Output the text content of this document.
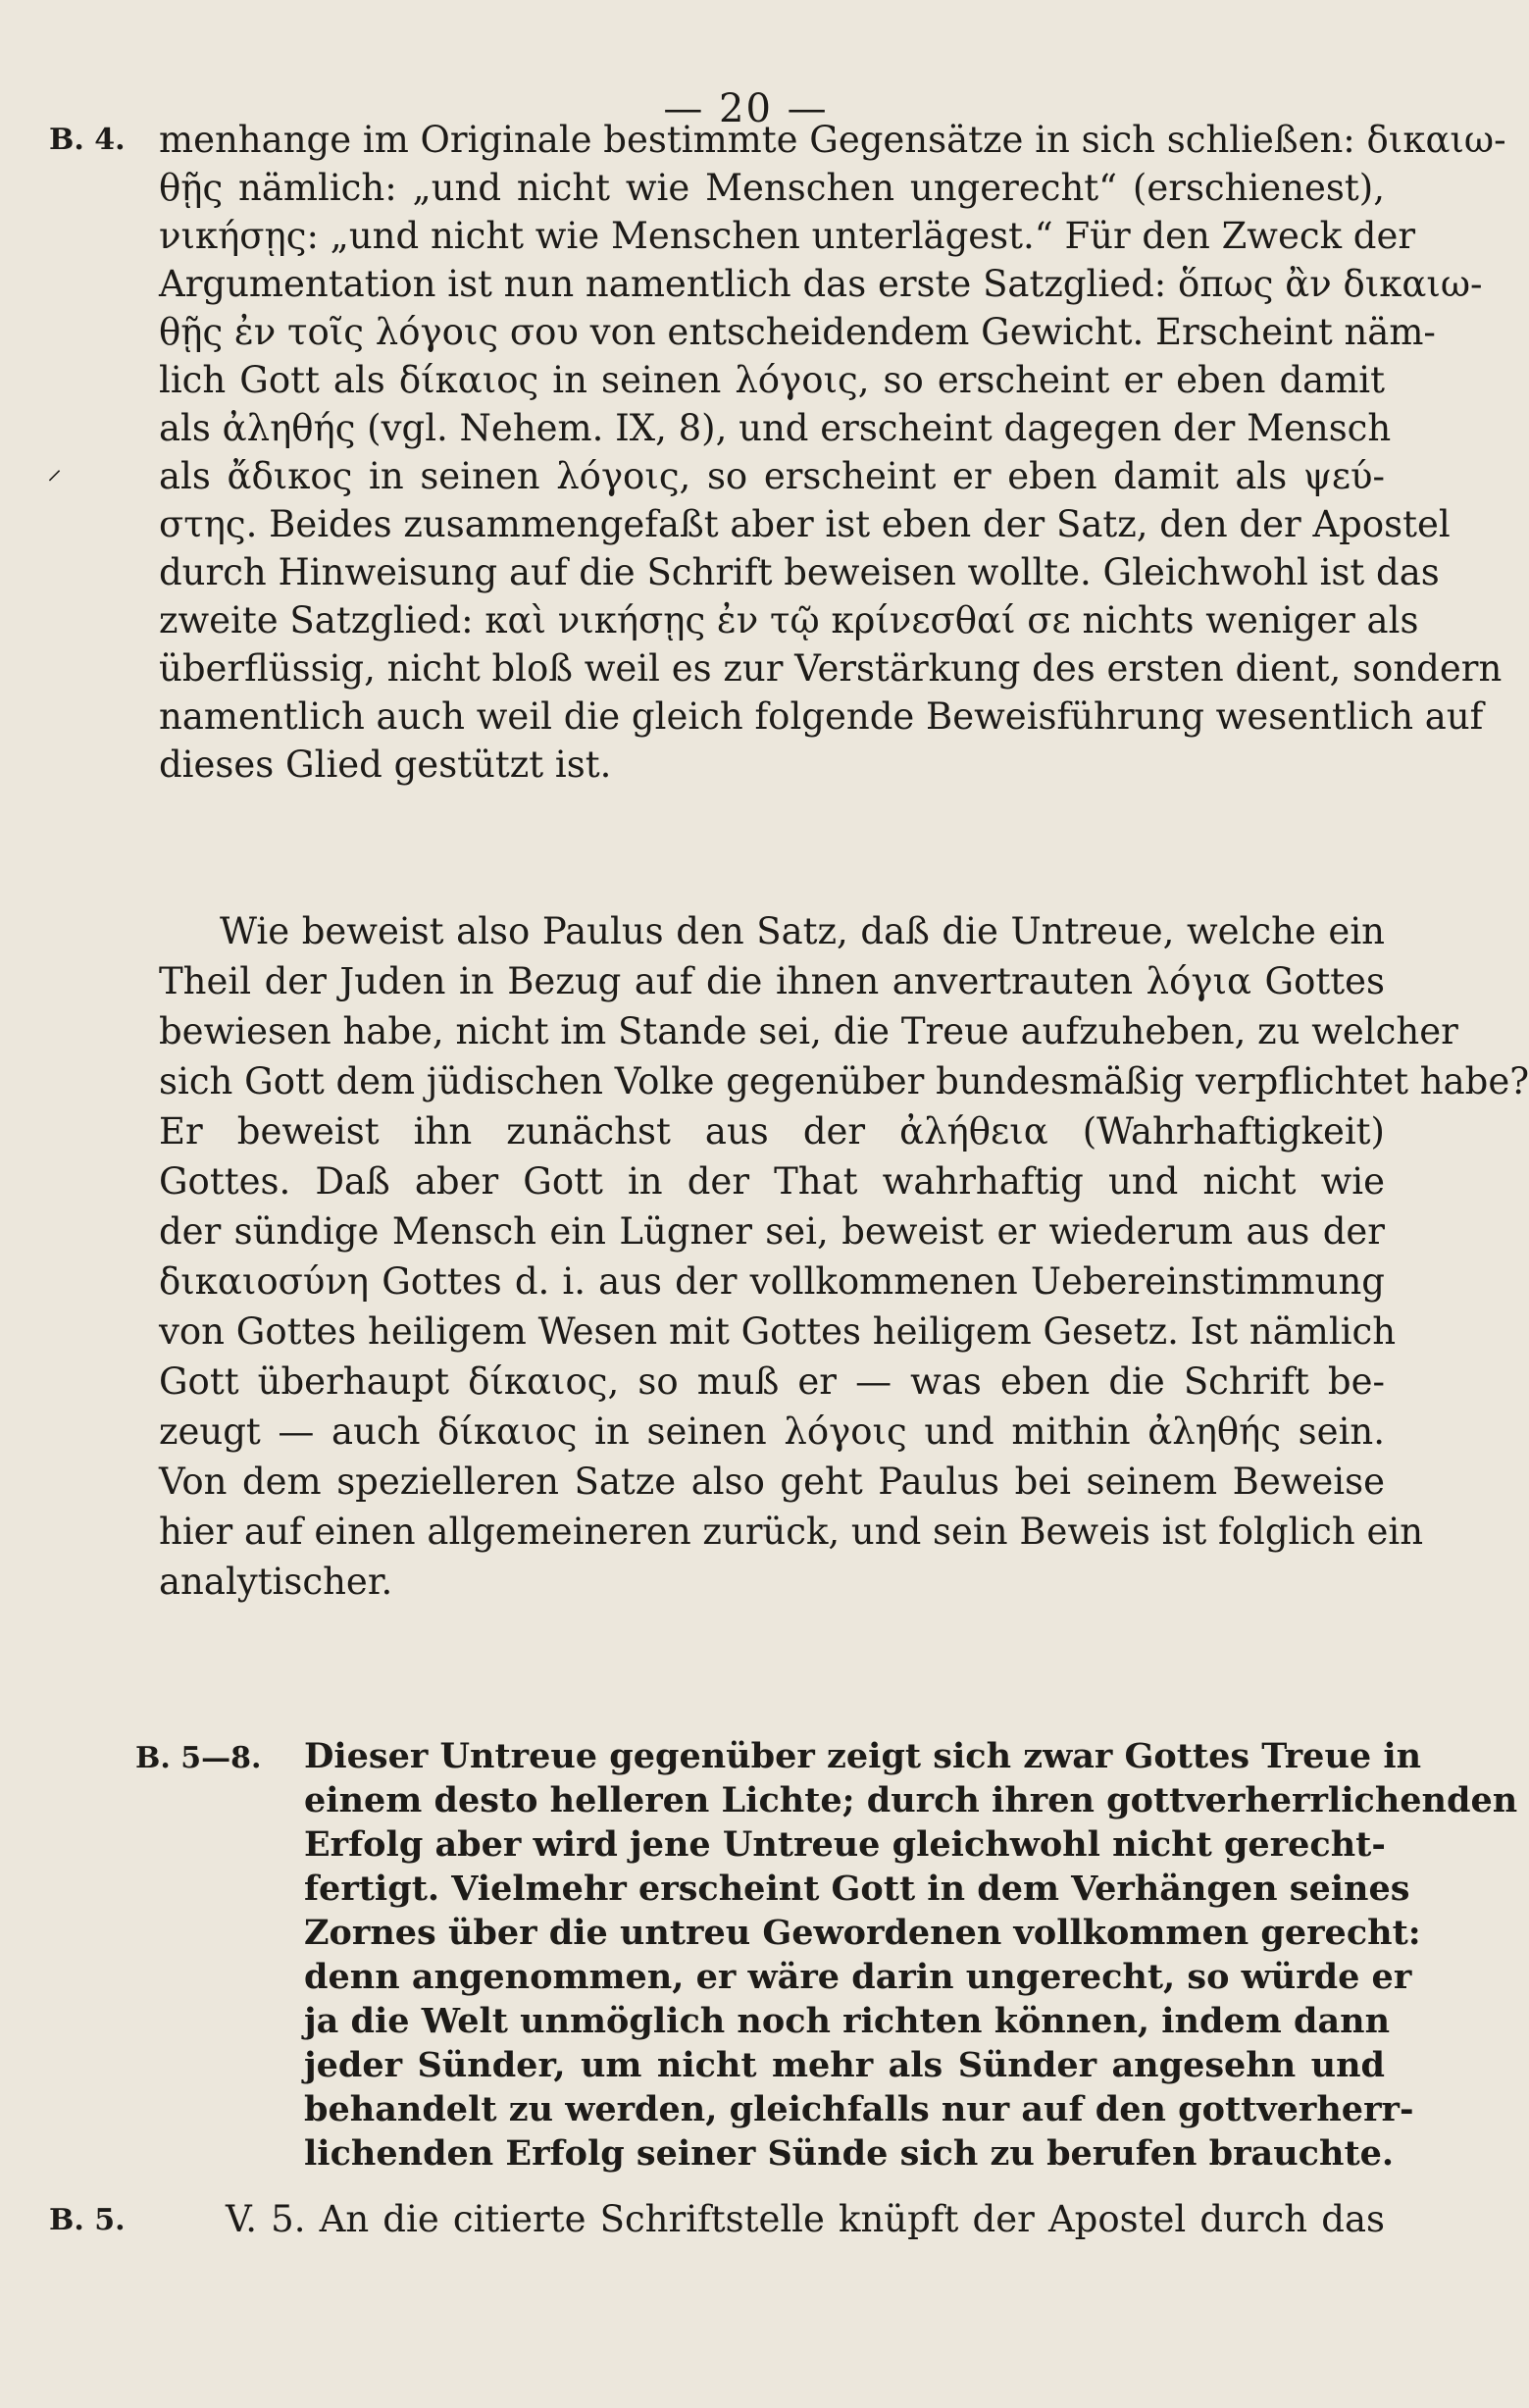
— 20 —
B. 4.
⸝
menhange im Originale bestimmte Gegensätze in sich schließen: δικαιω-
θῇς nämlich: „und nicht wie Menschen ungerecht“ (erschienest),
νικήσῃς: „und nicht wie Menschen unterlägest.“ Für den Zweck der
Argumentation ist nun namentlich das erste Satzglied: ὅπως ἂν δικαιω-
θῇς ἐν τοῖς λόγοις σου von entscheidendem Gewicht. Erscheint näm-
lich Gott als δίκαιος in seinen λόγοις, so erscheint er eben damit
als ἀληθής (vgl. Nehem. IX, 8), und erscheint dagegen der Mensch
als ἄδικος in seinen λόγοις, so erscheint er eben damit als ψεύ-
στης. Beides zusammengefaßt aber ist eben der Satz, den der Apostel
durch Hinweisung auf die Schrift beweisen wollte. Gleichwohl ist das
zweite Satzglied: καὶ νικήσῃς ἐν τῷ κρίνεσθαί σε nichts weniger als
überflüssig, nicht bloß weil es zur Verstärkung des ersten dient, sondern
namentlich auch weil die gleich folgende Beweisführung wesentlich auf
dieses Glied gestützt ist.
Wie beweist also Paulus den Satz, daß die Untreue, welche ein
Theil der Juden in Bezug auf die ihnen anvertrauten λόγια Gottes
bewiesen habe, nicht im Stande sei, die Treue aufzuheben, zu welcher
sich Gott dem jüdischen Volke gegenüber bundesmäßig verpflichtet habe?
Er beweist ihn zunächst aus der ἀλήθεια (Wahrhaftigkeit)
Gottes. Daß aber Gott in der That wahrhaftig und nicht wie
der sündige Mensch ein Lügner sei, beweist er wiederum aus der
δικαιοσύνη Gottes d. i. aus der vollkommenen Uebereinstimmung
von Gottes heiligem Wesen mit Gottes heiligem Gesetz. Ist nämlich
Gott überhaupt δίκαιος, so muß er — was eben die Schrift be-
zeugt — auch δίκαιος in seinen λόγοις und mithin ἀληθής sein.
Von dem spezielleren Satze also geht Paulus bei seinem Beweise
hier auf einen allgemeineren zurück, und sein Beweis ist folglich ein
analytischer.
B. 5—8. Dieser Untreue gegenüber zeigt sich zwar Gottes Treue in
einem desto helleren Lichte; durch ihren gottverherrlichenden
Erfolg aber wird jene Untreue gleichwohl nicht gerecht-
fertigt. Vielmehr erscheint Gott in dem Verhängen seines
Zornes über die untreu Gewordenen vollkommen gerecht:
denn angenommen, er wäre darin ungerecht, so würde er
ja die Welt unmöglich noch richten können, indem dann
jeder Sünder, um nicht mehr als Sünder angesehn und
behandelt zu werden, gleichfalls nur auf den gottverherr-
lichenden Erfolg seiner Sünde sich zu berufen brauchte.
B. 5.	V. 5. An die citierte Schriftstelle knüpft der Apostel durch das
